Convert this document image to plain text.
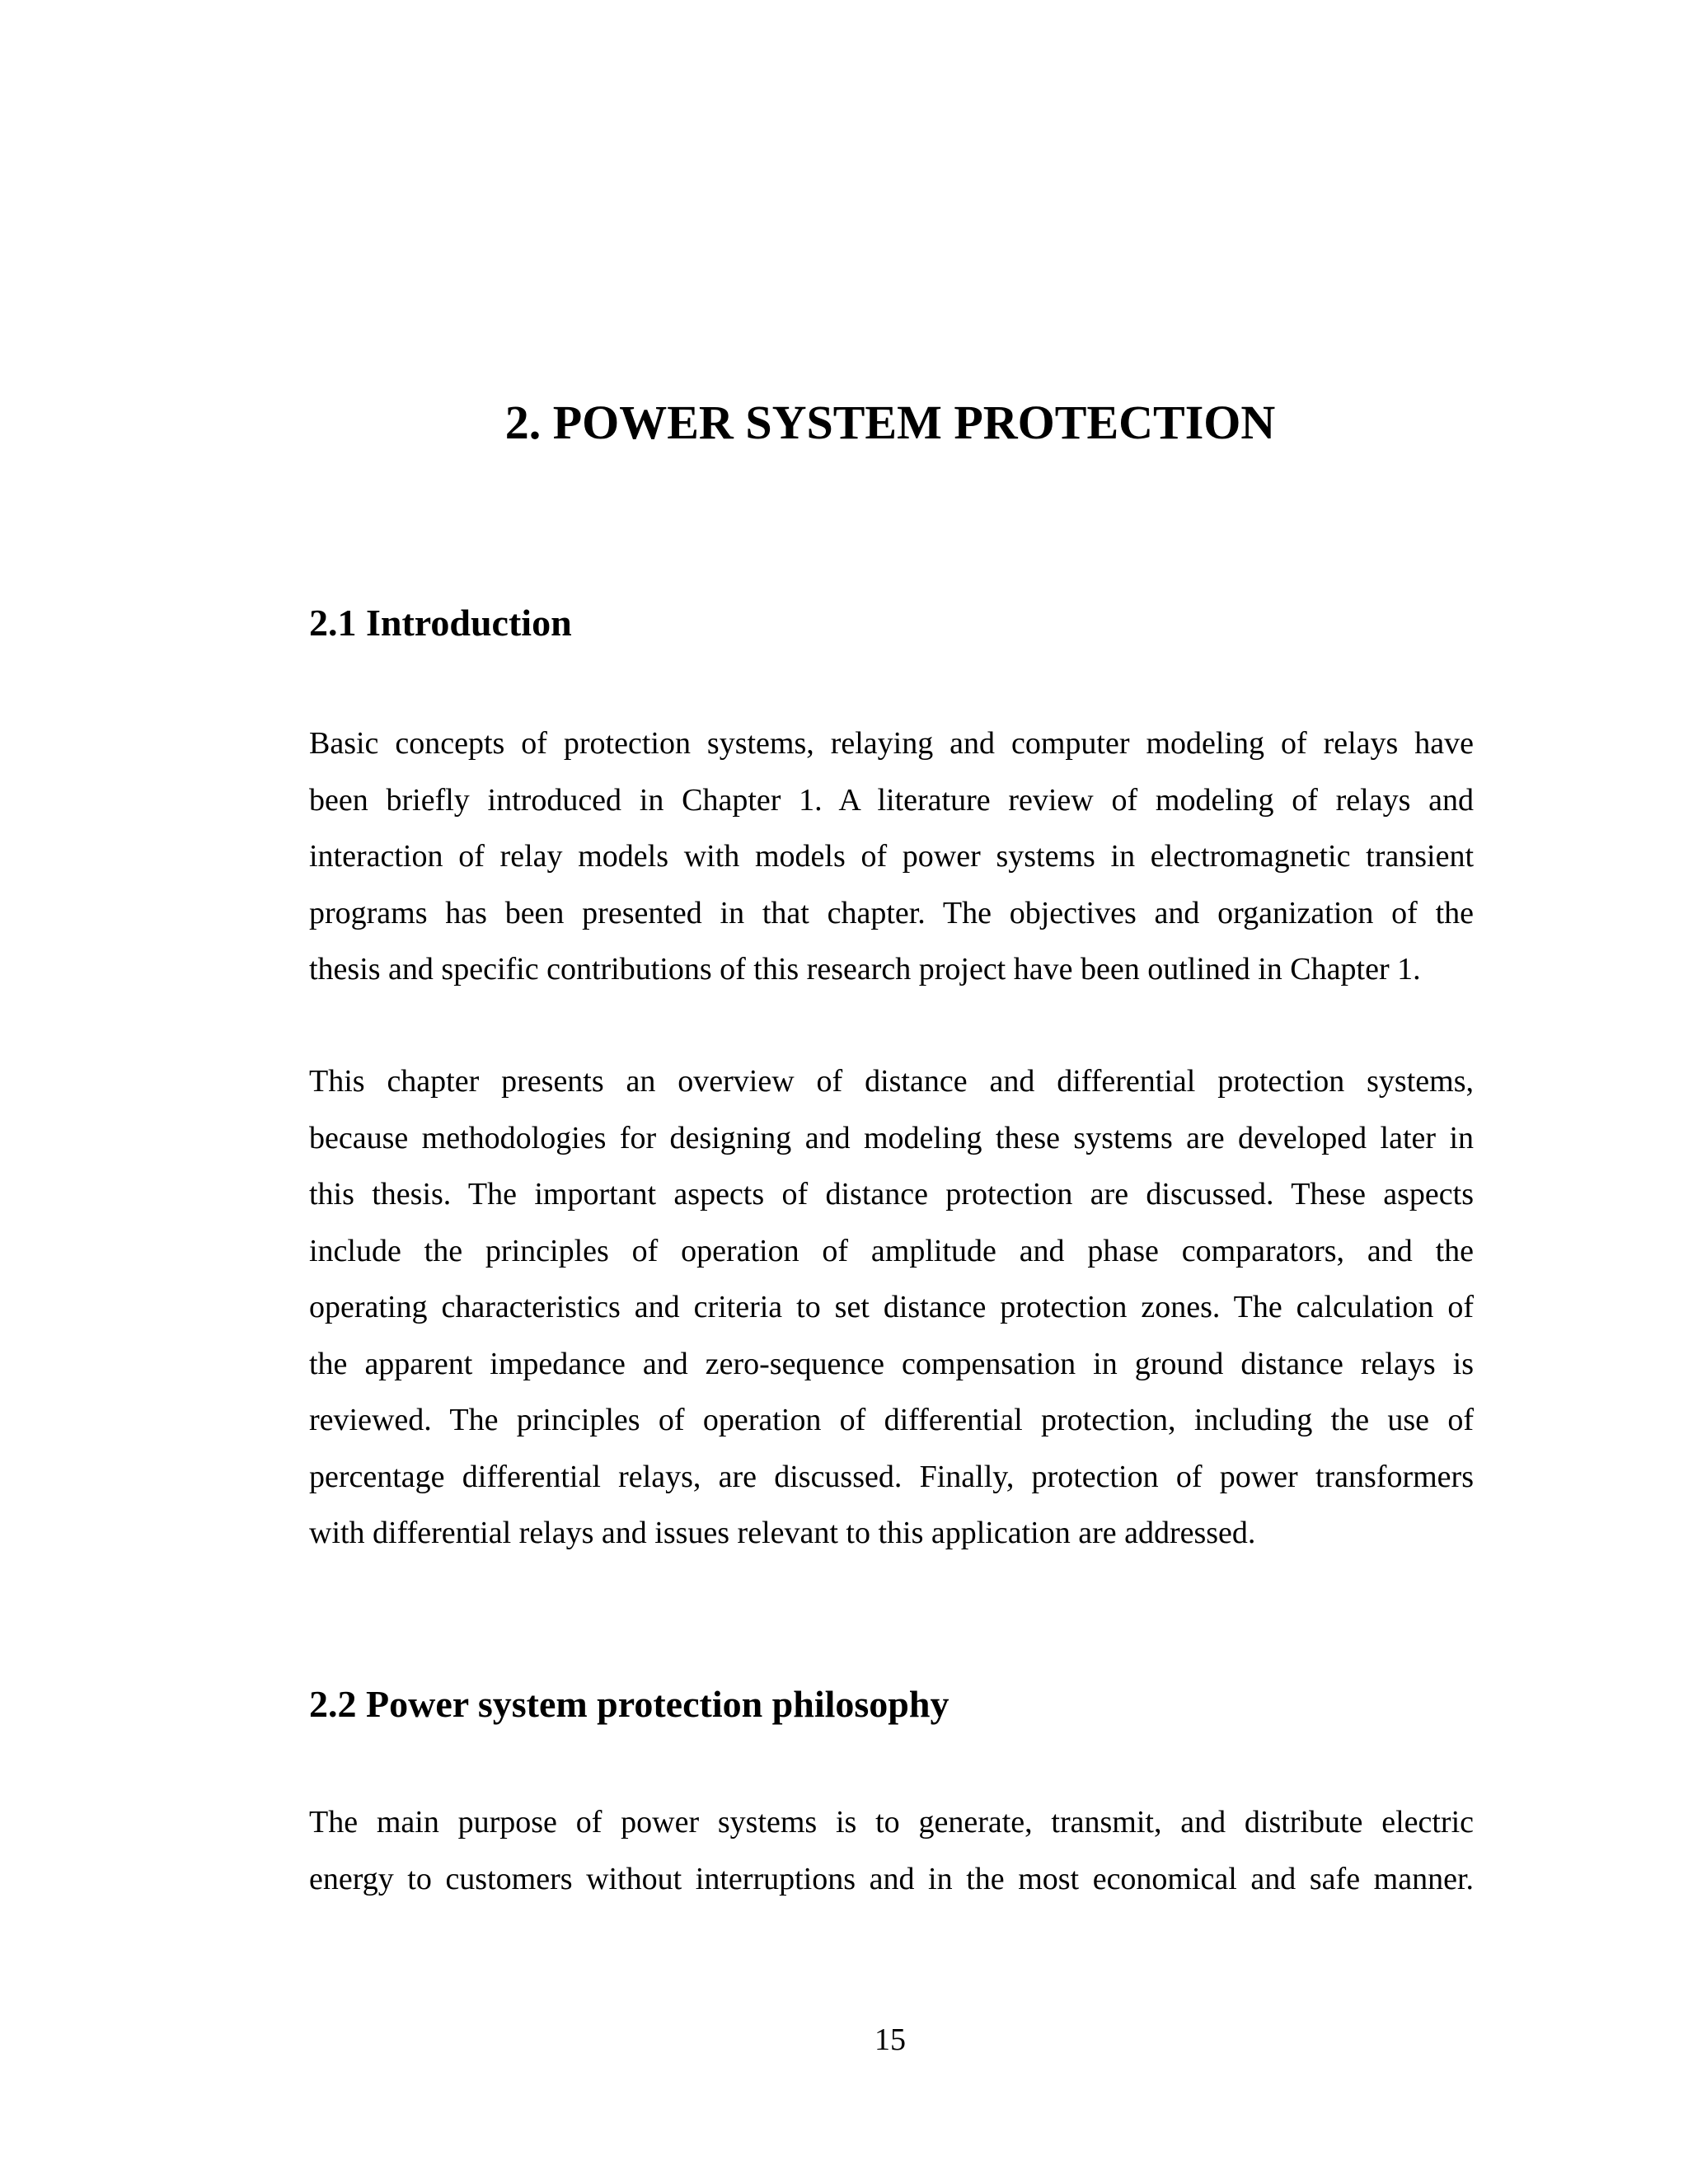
2. POWER SYSTEM PROTECTION
2.1 Introduction
Basic concepts of protection systems, relaying and computer modeling of relays have
been briefly introduced in Chapter 1. A literature review of modeling of relays and
interaction of relay models with models of power systems in electromagnetic transient
programs has been presented in that chapter. The objectives and organization of the
thesis and specific contributions of this research project have been outlined in Chapter 1.
This chapter presents an overview of distance and differential protection systems,
because methodologies for designing and modeling these systems are developed later in
this thesis. The important aspects of distance protection are discussed. These aspects
include the principles of operation of amplitude and phase comparators, and the
operating characteristics and criteria to set distance protection zones. The calculation of
the apparent impedance and zero-sequence compensation in ground distance relays is
reviewed. The principles of operation of differential protection, including the use of
percentage differential relays, are discussed. Finally, protection of power transformers
with differential relays and issues relevant to this application are addressed.
2.2 Power system protection philosophy
The main purpose of power systems is to generate, transmit, and distribute electric
energy to customers without interruptions and in the most economical and safe manner.
15
